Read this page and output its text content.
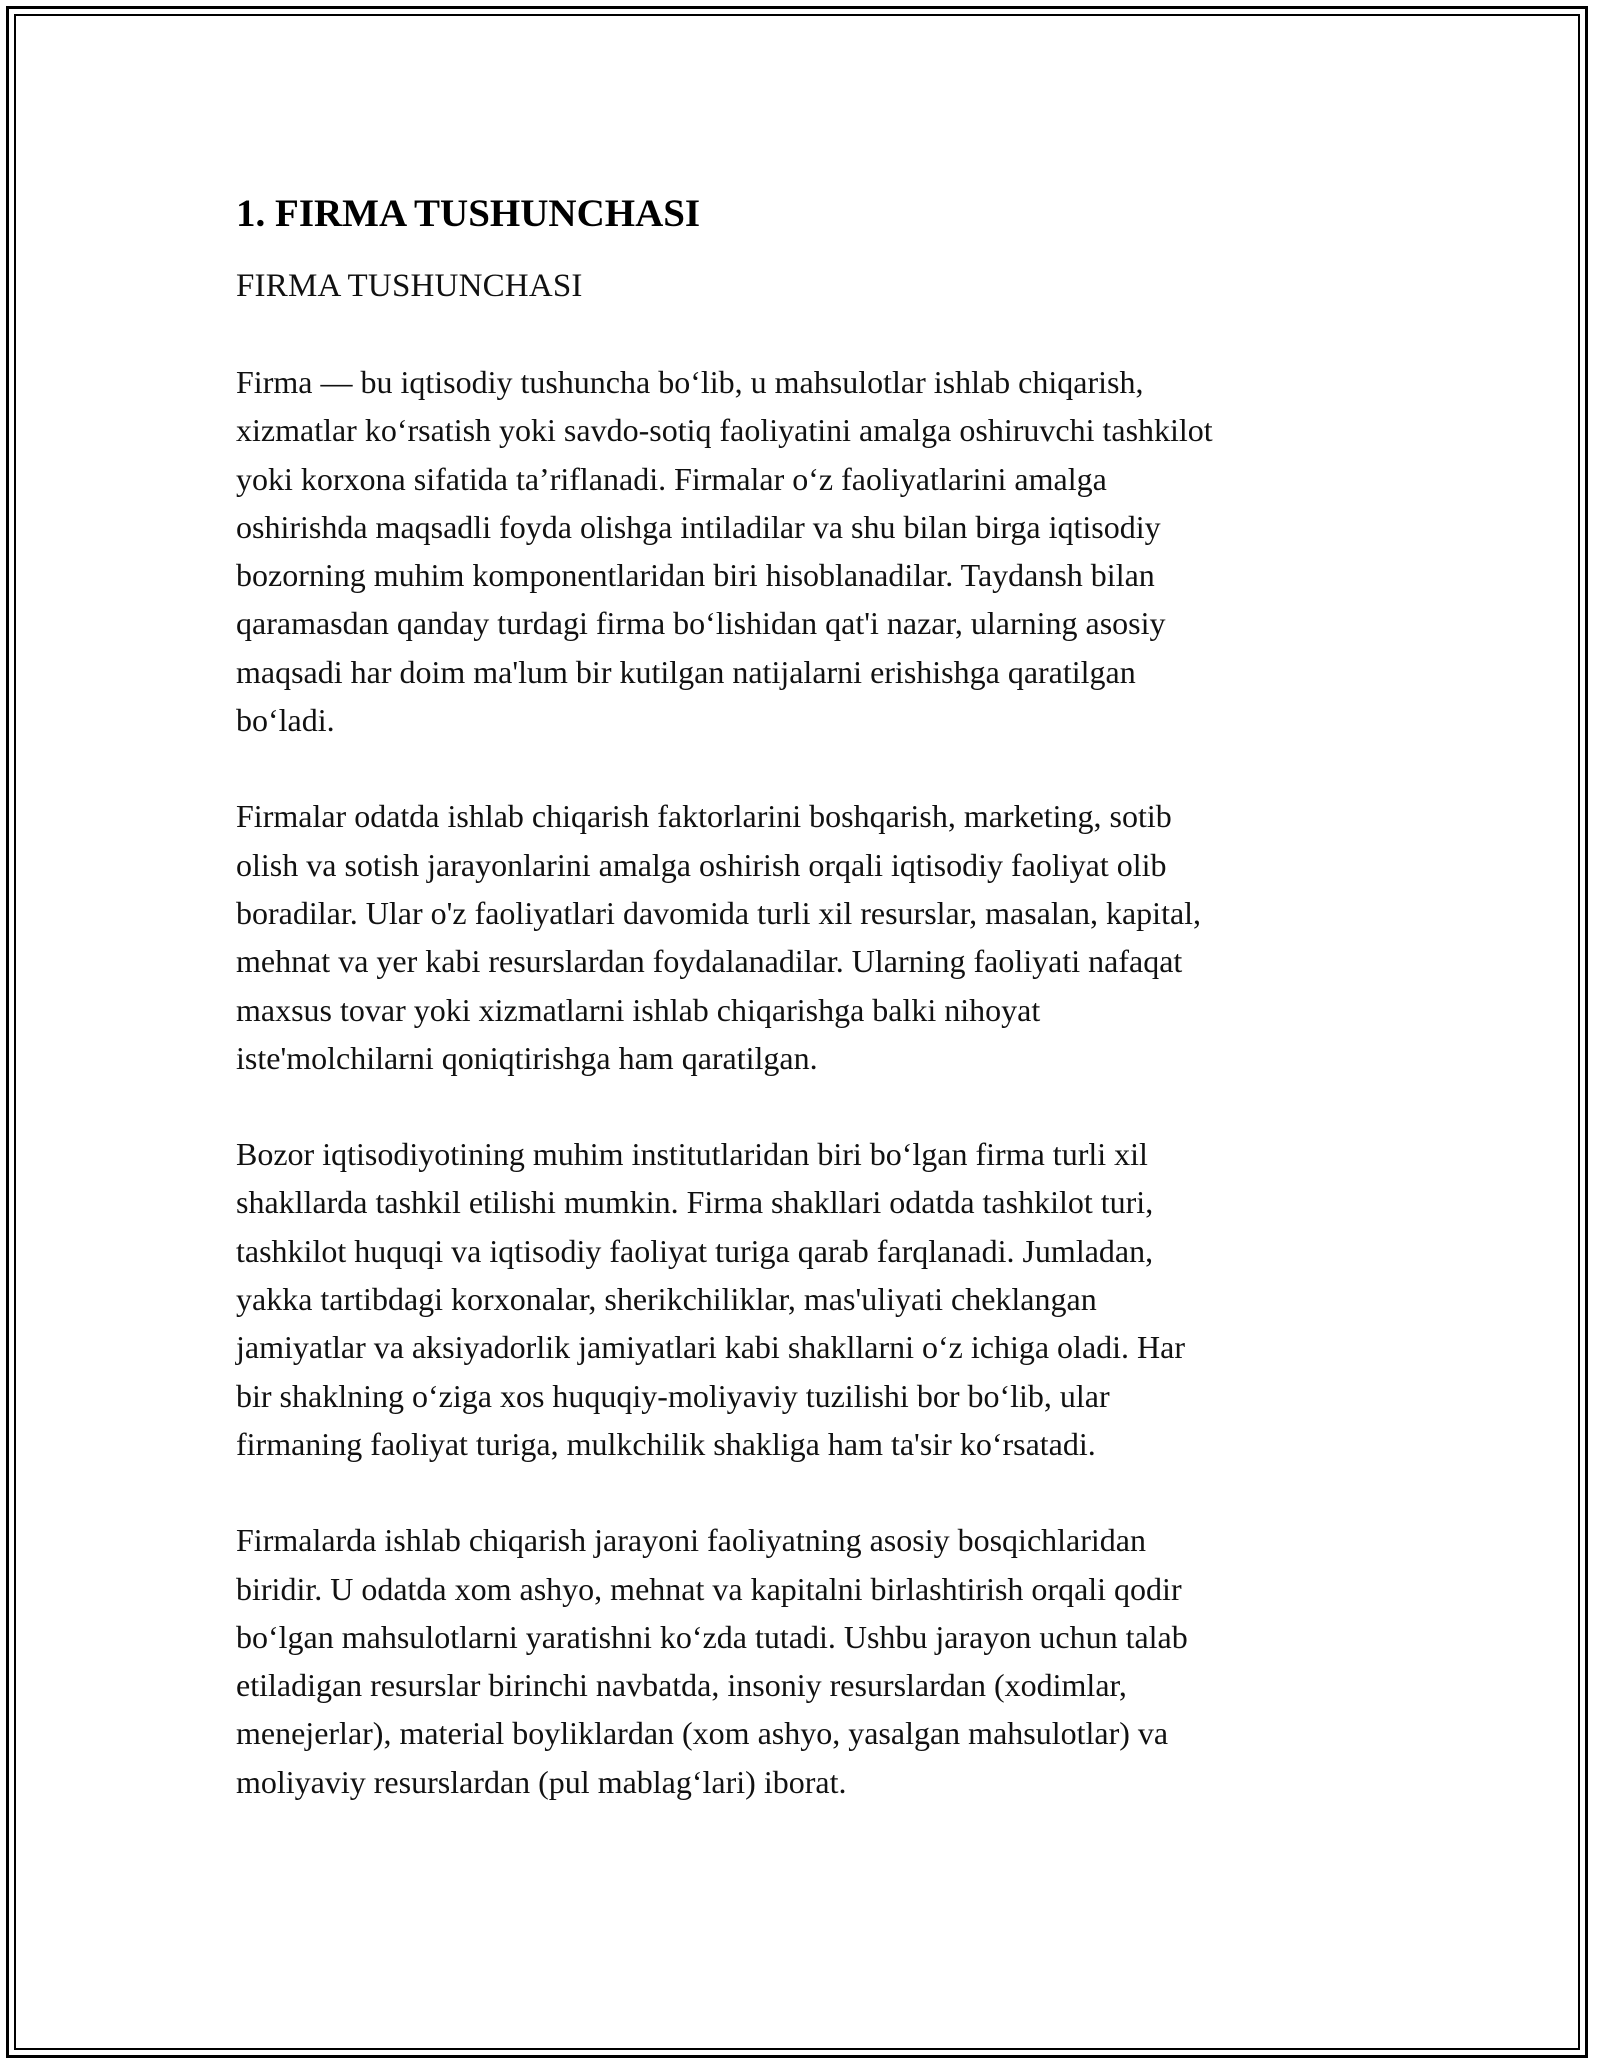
1. FIRMA TUSHUNCHASI
FIRMA TUSHUNCHASI

Firma — bu iqtisodiy tushuncha bo‘lib, u mahsulotlar ishlab chiqarish,
xizmatlar ko‘rsatish yoki savdo-sotiq faoliyatini amalga oshiruvchi tashkilot
yoki korxona sifatida ta’riflanadi. Firmalar o‘z faoliyatlarini amalga
oshirishda maqsadli foyda olishga intiladilar va shu bilan birga iqtisodiy
bozorning muhim komponentlaridan biri hisoblanadilar. Taydansh bilan
qaramasdan qanday turdagi firma bo‘lishidan qat'i nazar, ularning asosiy
maqsadi har doim ma'lum bir kutilgan natijalarni erishishga qaratilgan
bo‘ladi.

Firmalar odatda ishlab chiqarish faktorlarini boshqarish, marketing, sotib
olish va sotish jarayonlarini amalga oshirish orqali iqtisodiy faoliyat olib
boradilar. Ular o'z faoliyatlari davomida turli xil resurslar, masalan, kapital,
mehnat va yer kabi resurslardan foydalanadilar. Ularning faoliyati nafaqat
maxsus tovar yoki xizmatlarni ishlab chiqarishga balki nihoyat
iste'molchilarni qoniqtirishga ham qaratilgan.

Bozor iqtisodiyotining muhim institutlaridan biri bo‘lgan firma turli xil
shakllarda tashkil etilishi mumkin. Firma shakllari odatda tashkilot turi,
tashkilot huquqi va iqtisodiy faoliyat turiga qarab farqlanadi. Jumladan,
yakka tartibdagi korxonalar, sherikchiliklar, mas'uliyati cheklangan
jamiyatlar va aksiyadorlik jamiyatlari kabi shakllarni o‘z ichiga oladi. Har
bir shaklning o‘ziga xos huquqiy-moliyaviy tuzilishi bor bo‘lib, ular
firmaning faoliyat turiga, mulkchilik shakliga ham ta'sir ko‘rsatadi.

Firmalarda ishlab chiqarish jarayoni faoliyatning asosiy bosqichlaridan
biridir. U odatda xom ashyo, mehnat va kapitalni birlashtirish orqali qodir
bo‘lgan mahsulotlarni yaratishni ko‘zda tutadi. Ushbu jarayon uchun talab
etiladigan resurslar birinchi navbatda, insoniy resurslardan (xodimlar,
menejerlar), material boyliklardan (xom ashyo, yasalgan mahsulotlar) va
moliyaviy resurslardan (pul mablag‘lari) iborat.
